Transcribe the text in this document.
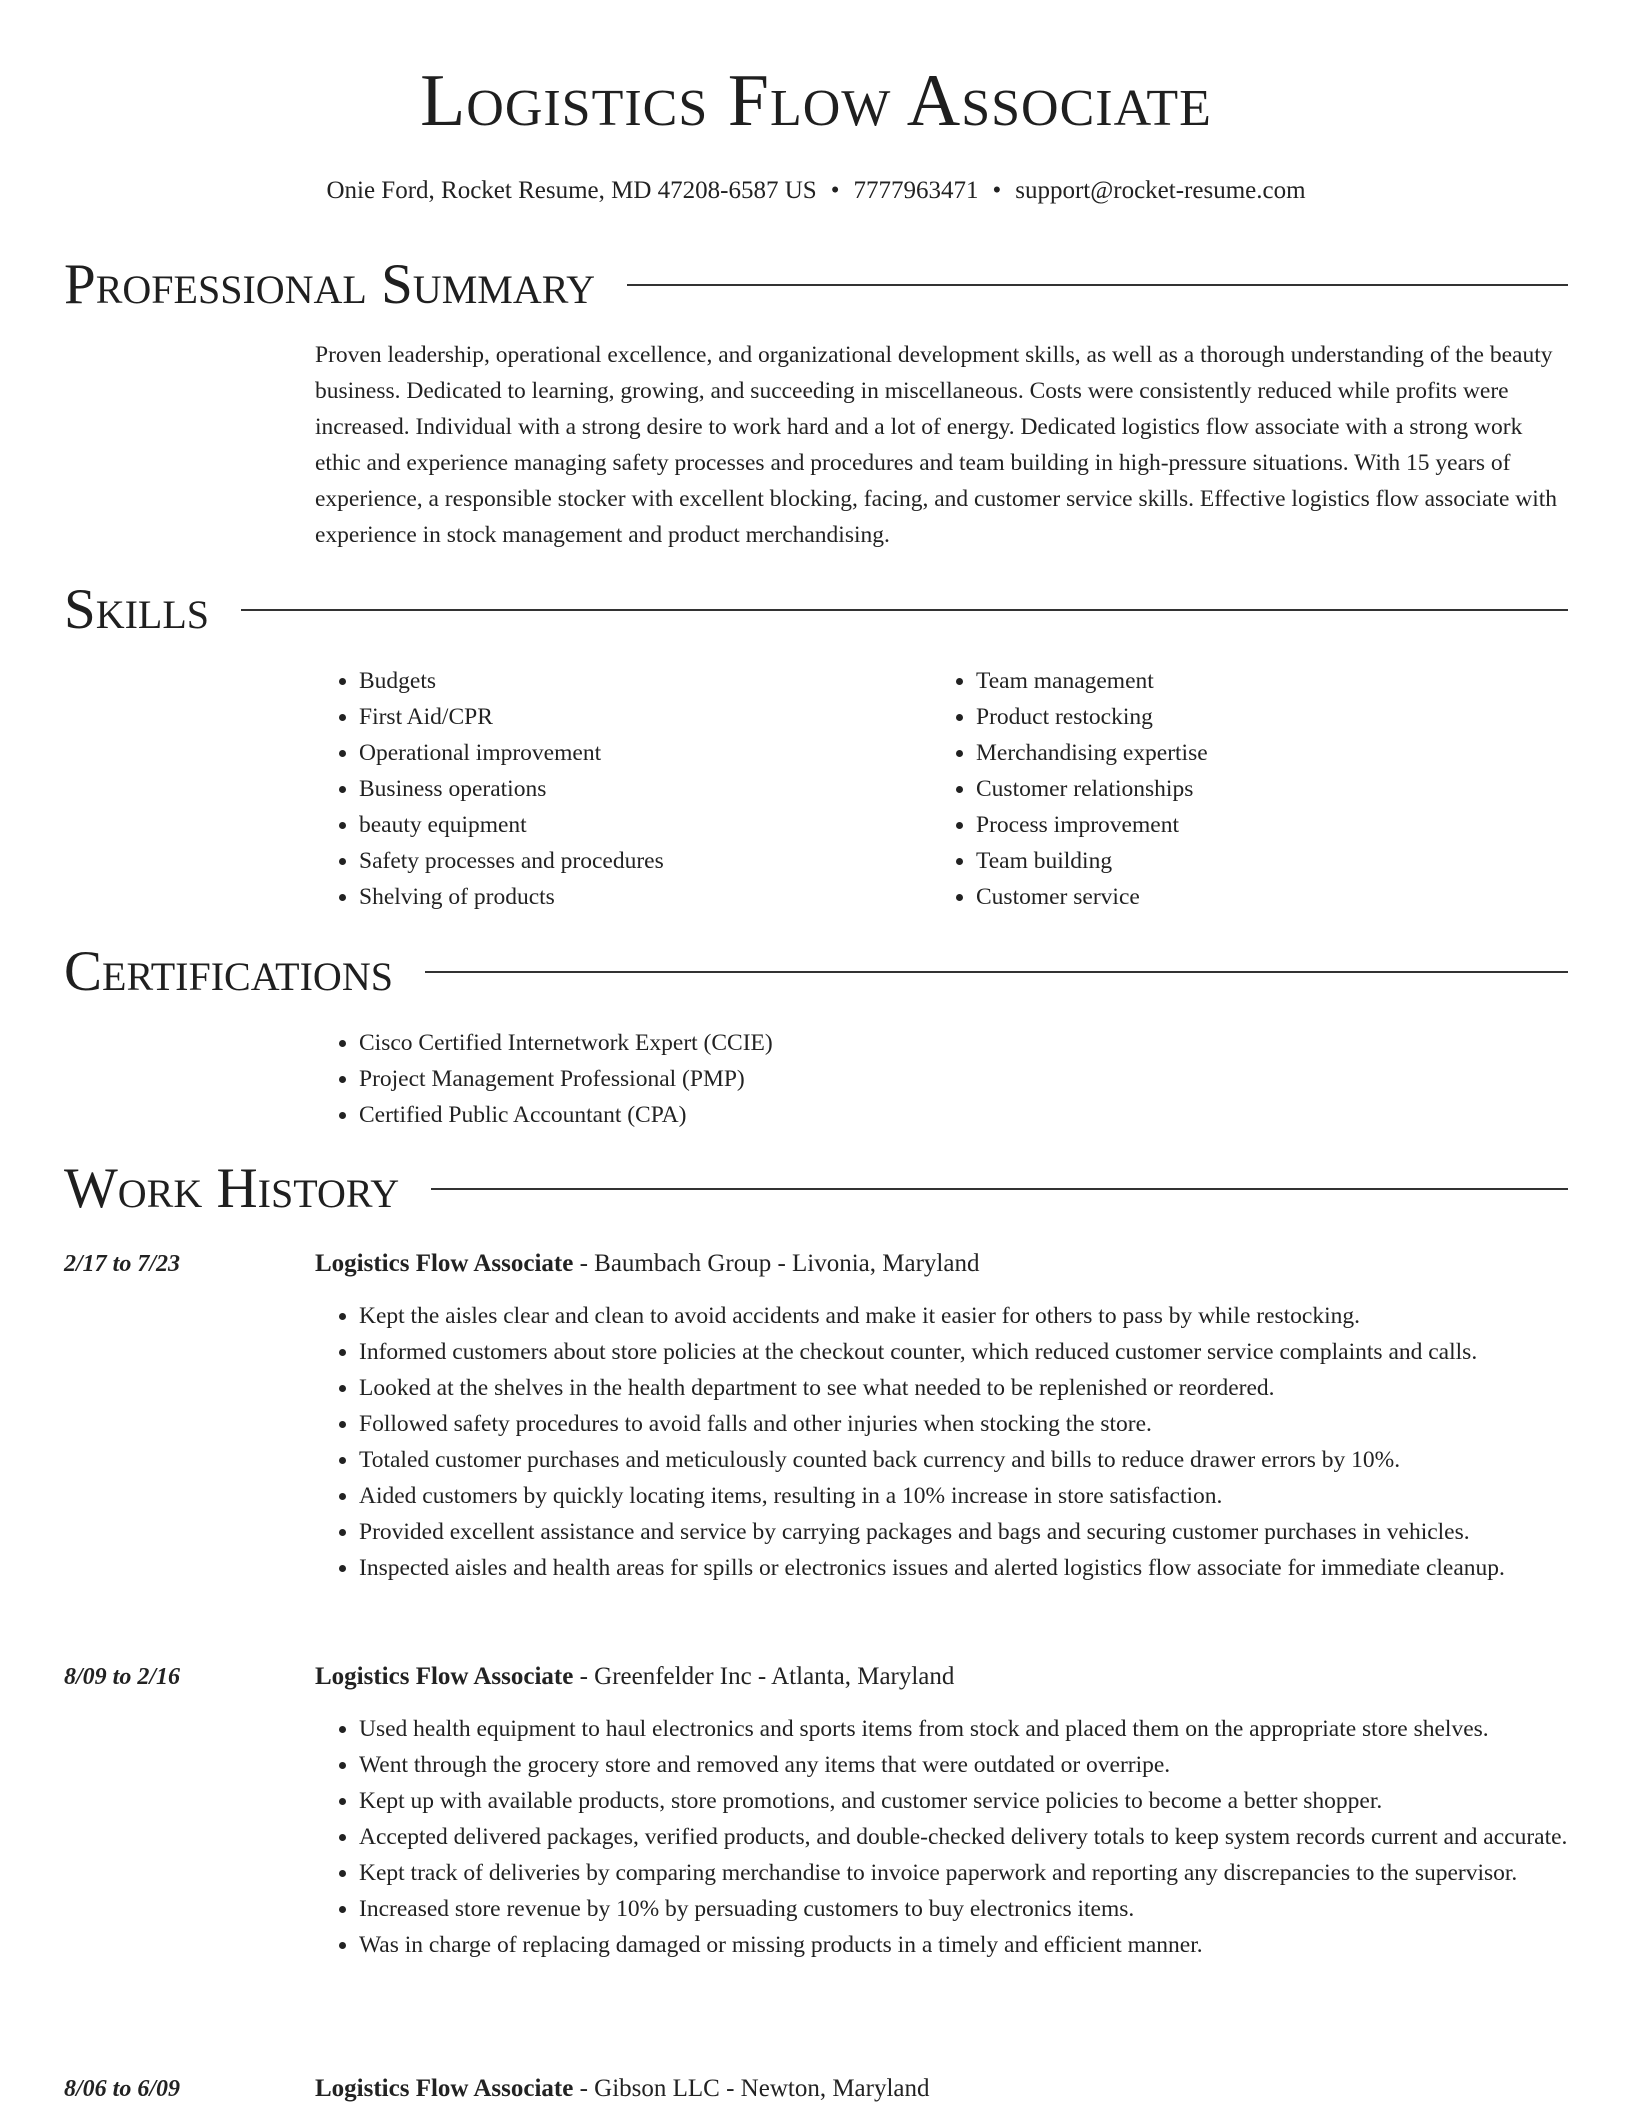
Logistics Flow Associate
Onie Ford, Rocket Resume, MD 47208-6587 US • 7777963471 • support@rocket-resume.com
Professional Summary

Proven leadership, operational excellence, and organizational development skills, as well as a thorough understanding of the beauty business. Dedicated to learning, growing, and succeeding in miscellaneous. Costs were consistently reduced while profits were increased. Individual with a strong desire to work hard and a lot of energy. Dedicated logistics flow associate with a strong work ethic and experience managing safety processes and procedures and team building in high-pressure situations. With 15 years of experience, a responsible stocker with excellent blocking, facing, and customer service skills. Effective logistics flow associate with experience in stock management and product merchandising.

Skills
• Budgets
• First Aid/CPR
• Operational improvement
• Business operations
• beauty equipment
• Safety processes and procedures
• Shelving of products
• Team management
• Product restocking
• Merchandising expertise
• Customer relationships
• Process improvement
• Team building
• Customer service
Certifications
• Cisco Certified Internetwork Expert (CCIE)
• Project Management Professional (PMP)
• Certified Public Accountant (CPA)
Work History
2/17 to 7/23	Logistics Flow Associate - Baumbach Group - Livonia, Maryland
• Kept the aisles clear and clean to avoid accidents and make it easier for others to pass by while restocking.
• Informed customers about store policies at the checkout counter, which reduced customer service complaints and calls.
• Looked at the shelves in the health department to see what needed to be replenished or reordered.
• Followed safety procedures to avoid falls and other injuries when stocking the store.
• Totaled customer purchases and meticulously counted back currency and bills to reduce drawer errors by 10%.
• Aided customers by quickly locating items, resulting in a 10% increase in store satisfaction.
• Provided excellent assistance and service by carrying packages and bags and securing customer purchases in vehicles.
• Inspected aisles and health areas for spills or electronics issues and alerted logistics flow associate for immediate cleanup.
8/09 to 2/16	Logistics Flow Associate - Greenfelder Inc - Atlanta, Maryland
• Used health equipment to haul electronics and sports items from stock and placed them on the appropriate store shelves.
• Went through the grocery store and removed any items that were outdated or overripe.
• Kept up with available products, store promotions, and customer service policies to become a better shopper.
• Accepted delivered packages, verified products, and double-checked delivery totals to keep system records current and accurate.
• Kept track of deliveries by comparing merchandise to invoice paperwork and reporting any discrepancies to the supervisor.
• Increased store revenue by 10% by persuading customers to buy electronics items.
• Was in charge of replacing damaged or missing products in a timely and efficient manner.
8/06 to 6/09	Logistics Flow Associate - Gibson LLC - Newton, Maryland
